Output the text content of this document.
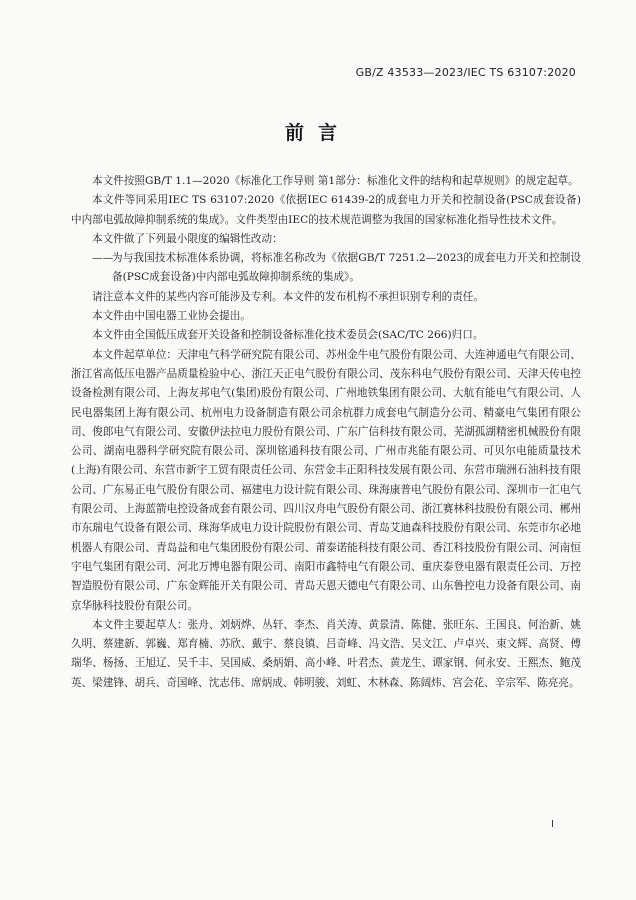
GB/Z 43533—2023/IEC TS 63107:2020
前言

本文件按照GB/T 1.1—2020《标准化工作导则 第1部分：标准化文件的结构和起草规则》的规定起草。

本文件等同采用IEC TS 63107:2020《依据IEC 61439-2的成套电力开关和控制设备(PSC成套设备)中内部电弧故障抑制系统的集成》。文件类型由IEC的技术规范调整为我国的国家标准化指导性技术文件。

本文件做了下列最小限度的编辑性改动：

——
为与我国技术标准体系协调，将标准名称改为《依据GB/T 7251.2—2023的成套电力开关和控制设备(PSC成套设备)中内部电弧故障抑制系统的集成》。

请注意本文件的某些内容可能涉及专利。本文件的发布机构不承担识别专利的责任。

本文件由中国电器工业协会提出。

本文件由全国低压成套开关设备和控制设备标准化技术委员会(SAC/TC 266)归口。

本文件起草单位：天津电气科学研究院有限公司、苏州金牛电气股份有限公司、大连神通电气有限公司、浙江省高低压电器产品质量检验中心、浙江天正电气股份有限公司、茂东科电气股份有限公司、天津天传电控设备检测有限公司、上海友邦电气(集团)股份有限公司、广州地铁集团有限公司、大航有能电气有限公司、人民电器集团上海有限公司、杭州电力设备制造有限公司余杭群力成套电气制造分公司、精豪电气集团有限公司、俊郎电气有限公司、安徽伊法拉电力股份有限公司、广东广信科技有限公司、芜湖孤湖精密机械股份有限公司、湖南电器科学研究院有限公司、深圳铭通科技有限公司、广州市兆能有限公司、可贝尔电能质量技术(上海)有限公司、东营市新宇工贸有限责任公司、东营金丰正阳科技发展有限公司、东营市瑞洲石油科技有限公司、广东易正电气股份有限公司、福建电力设计院有限公司、珠海康普电气股份有限公司、深圳市一汇电气有限公司、上海蓝箭电控设备成套有限公司、四川汉舟电气股份有限公司、浙江赛林科技股份有限公司、郴州市东瑞电气设备有限公司、珠海华成电力设计院股份有限公司、青岛艾迪森科技股份有限公司、东莞市尔必地机器人有限公司、青岛益和电气集团股份有限公司、莆泰诺能科技有限公司、香江科技股份有限公司、河南恒宇电气集团有限公司、河北万博电器有限公司、南阳市鑫特电气有限公司、重庆泰登电器有限责任公司、万控智造股份有限公司、广东金辉能开关有限公司、青岛天恩天德电气有限公司、山东鲁控电力设备有限公司、南京华脉科技股份有限公司。

本文件主要起草人：张舟、刘炳烨、丛轩、李杰、肖关涛、黄景清、陈健、张旺东、王国良、何治新、姚久明、蔡建新、郭巍、郑育楠、苏欣、戴宇、蔡良镇、吕奇峰、冯文浩、吴文江、卢卓兴、束文辉、高贤、傅瑞华、杨扬、王旭辽、吴千丰、吴国威、桑炳娟、高小峰、叶君杰、黄龙生、谭家钢、何永安、王熙杰、鲍茂英、梁建锋、胡兵、奇国峰、沈志伟、席炳成、韩明骏、刘虹、木林森、陈阔炜、宫会花、辛宗军、陈亮亮。

I
